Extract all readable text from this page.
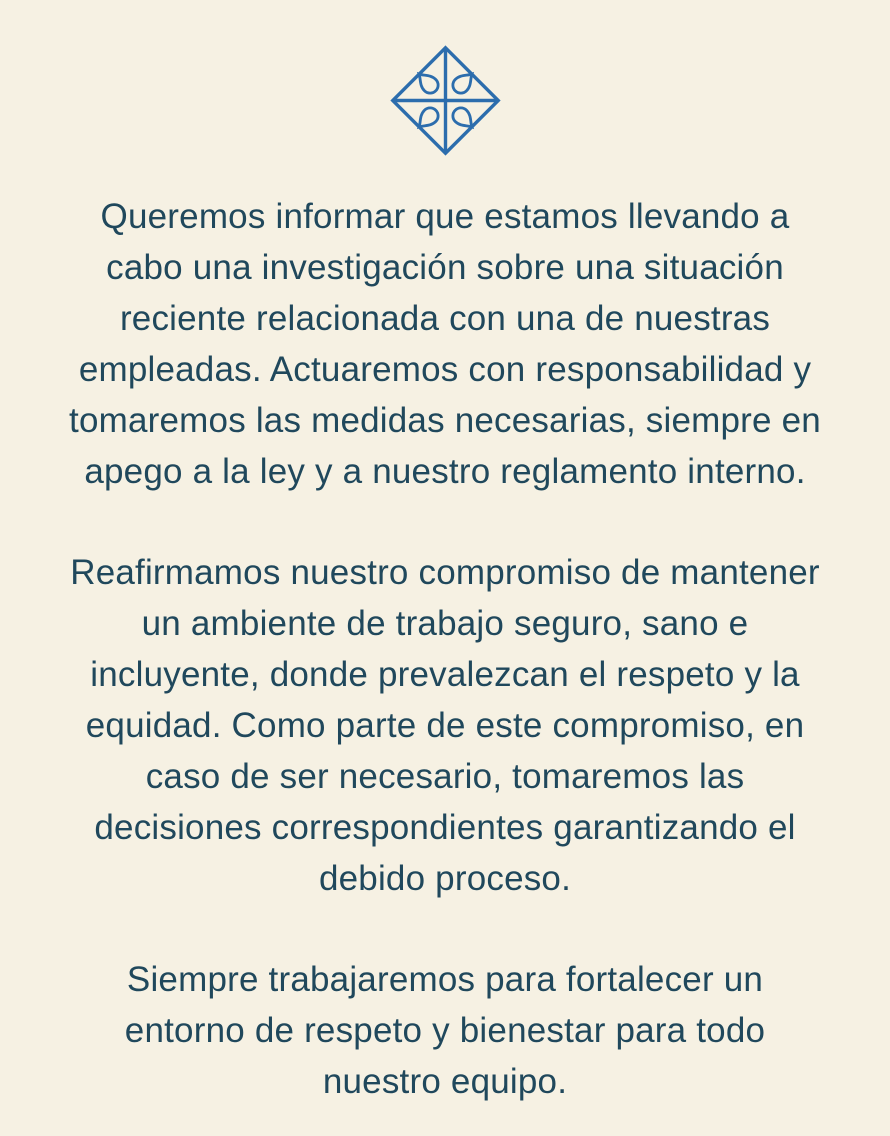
Queremos informar que estamos llevando a
cabo una investigación sobre una situación
reciente relacionada con una de nuestras
empleadas. Actuaremos con responsabilidad y
tomaremos las medidas necesarias, siempre en
apego a la ley y a nuestro reglamento interno.

Reafirmamos nuestro compromiso de mantener
un ambiente de trabajo seguro, sano e
incluyente, donde prevalezcan el respeto y la
equidad. Como parte de este compromiso, en
caso de ser necesario, tomaremos las
decisiones correspondientes garantizando el
debido proceso.

Siempre trabajaremos para fortalecer un
entorno de respeto y bienestar para todo
nuestro equipo.
